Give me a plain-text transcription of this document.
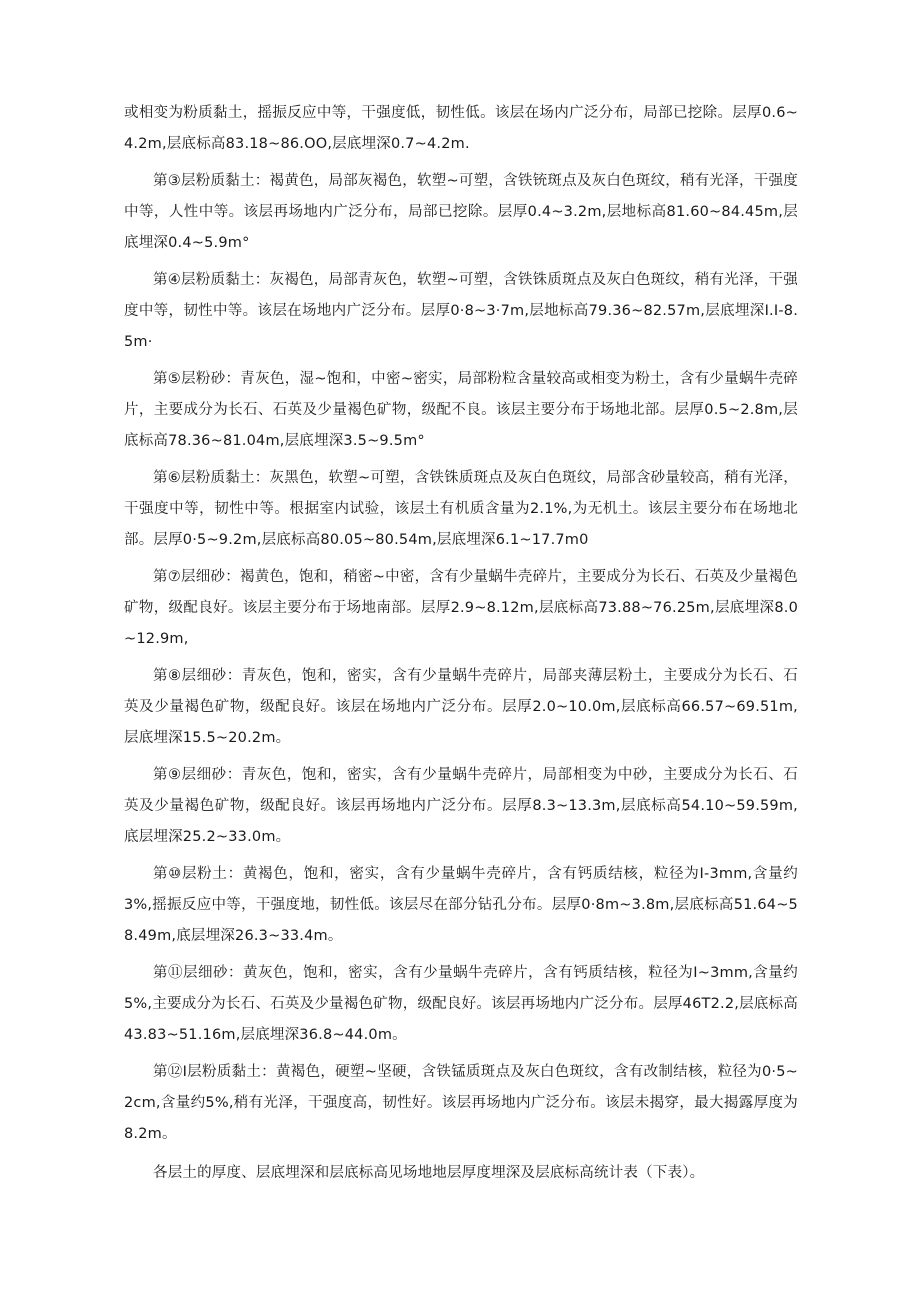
或相变为粉质黏土，摇振反应中等，干强度低，韧性低。该层在场内广泛分布，局部已挖除。层厚0.6~4.2m,层底标高83.18~86.OO,层底埋深0.7~4.2m.

第③层粉质黏土：褐黄色，局部灰褐色，软塑~可塑，含铁铳斑点及灰白色斑纹，稍有光泽，干强度中等，人性中等。该层再场地内广泛分布，局部已挖除。层厚0.4~3.2m,层地标高81.60~84.45m,层底埋深0.4~5.9m°

第④层粉质黏土：灰褐色，局部青灰色，软塑~可塑，含铁铢质斑点及灰白色斑纹，稍有光泽，干强度中等，韧性中等。该层在场地内广泛分布。层厚0·8~3·7m,层地标高79.36~82.57m,层底埋深I.I-8.5m·

第⑤层粉砂：青灰色，湿~饱和，中密~密实，局部粉粒含量较高或相变为粉土，含有少量蜗牛壳碎片，主要成分为长石、石英及少量褐色矿物，级配不良。该层主要分布于场地北部。层厚0.5~2.8m,层底标高78.36~81.04m,层底埋深3.5~9.5m°

第⑥层粉质黏土：灰黑色，软塑~可塑，含铁铢质斑点及灰白色斑纹，局部含砂量较高，稍有光泽，干强度中等，韧性中等。根据室内试验，该层土有机质含量为2.1%,为无机土。该层主要分布在场地北部。层厚0·5~9.2m,层底标高80.05~80.54m,层底埋深6.1~17.7m0

第⑦层细砂：褐黄色，饱和，稍密~中密，含有少量蜗牛壳碎片，主要成分为长石、石英及少量褐色矿物，级配良好。该层主要分布于场地南部。层厚2.9~8.12m,层底标高73.88~76.25m,层底埋深8.0~12.9m,

第⑧层细砂：青灰色，饱和，密实，含有少量蜗牛壳碎片，局部夹薄层粉土，主要成分为长石、石英及少量褐色矿物，级配良好。该层在场地内广泛分布。层厚2.0~10.0m,层底标高66.57~69.51m,层底埋深15.5~20.2m。

第⑨层细砂：青灰色，饱和，密实，含有少量蜗牛壳碎片，局部相变为中砂，主要成分为长石、石英及少量褐色矿物，级配良好。该层再场地内广泛分布。层厚8.3~13.3m,层底标高54.10~59.59m,底层埋深25.2~33.0m。

第⑩层粉土：黄褐色，饱和，密实，含有少量蜗牛壳碎片，含有钙质结核，粒径为I-3mm,含量约3%,摇振反应中等，干强度地，韧性低。该层尽在部分钻孔分布。层厚0·8m~3.8m,层底标高51.64~58.49m,底层埋深26.3~33.4m。

第⑪层细砂：黄灰色，饱和，密实，含有少量蜗牛壳碎片，含有钙质结核，粒径为I~3mm,含量约5%,主要成分为长石、石英及少量褐色矿物，级配良好。该层再场地内广泛分布。层厚46T2.2,层底标高43.83~51.16m,层底埋深36.8~44.0m。

第⑫I层粉质黏土：黄褐色，硬塑~坚硬，含铁锰质斑点及灰白色斑纹，含有改制结核，粒径为0·5~2cm,含量约5%,稍有光泽，干强度高，韧性好。该层再场地内广泛分布。该层未揭穿，最大揭露厚度为8.2m。

各层土的厚度、层底埋深和层底标高见场地地层厚度埋深及层底标高统计表（下表）。
